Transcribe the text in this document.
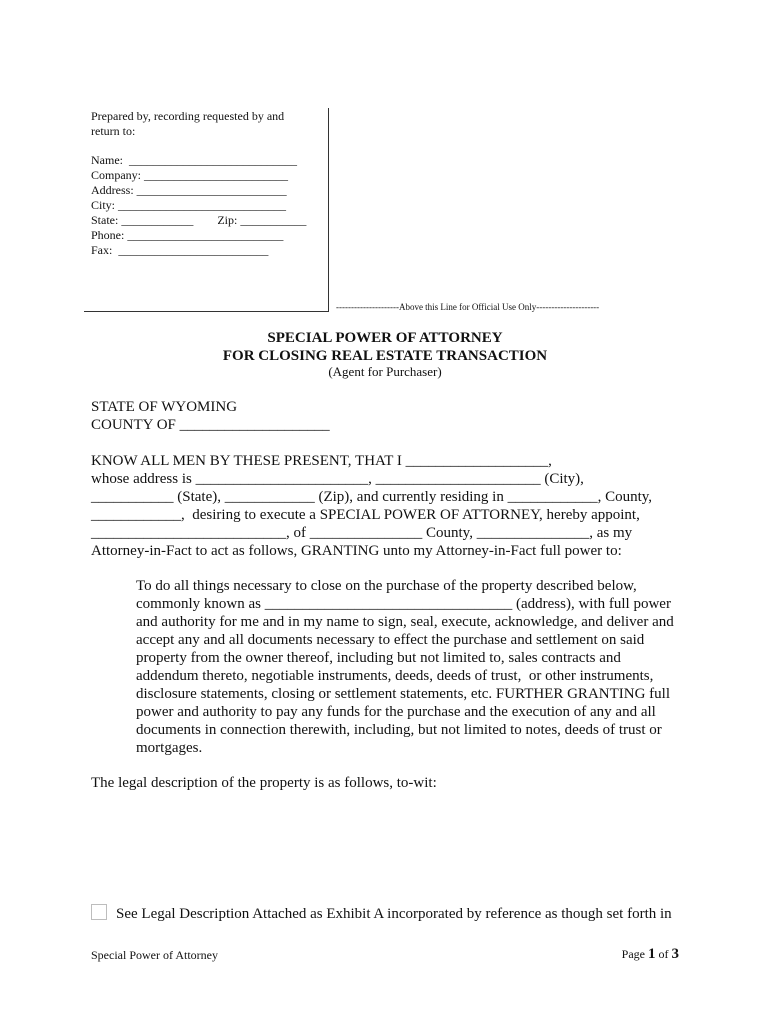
Prepared by, recording requested by and
return to:
Name:  ____________________________
Company: ________________________
Address: _________________________
City: ____________________________
State: ____________        Zip: ___________
Phone: __________________________
Fax:  _________________________
---------------------Above this Line for Official Use Only---------------------
SPECIAL POWER OF ATTORNEY
FOR CLOSING REAL ESTATE TRANSACTION
(Agent for Purchaser)
STATE OF WYOMING
COUNTY OF ____________________
KNOW ALL MEN BY THESE PRESENT, THAT I ___________________,
whose address is _______________________, ______________________ (City),
___________ (State), ____________ (Zip), and currently residing in ____________, County,
____________,  desiring to execute a SPECIAL POWER OF ATTORNEY, hereby appoint,
__________________________, of _______________ County, _______________, as my
Attorney-in-Fact to act as follows, GRANTING unto my Attorney-in-Fact full power to:
To do all things necessary to close on the purchase of the property described below,
commonly known as _________________________________ (address), with full power
and authority for me and in my name to sign, seal, execute, acknowledge, and deliver and
accept any and all documents necessary to effect the purchase and settlement on said
property from the owner thereof, including but not limited to, sales contracts and
addendum thereto, negotiable instruments, deeds, deeds of trust,  or other instruments,
disclosure statements, closing or settlement statements, etc. FURTHER GRANTING full
power and authority to pay any funds for the purchase and the execution of any and all
documents in connection therewith, including, but not limited to notes, deeds of trust or
mortgages.
The legal description of the property is as follows, to-wit:
See Legal Description Attached as Exhibit A incorporated by reference as though set forth in
Special Power of Attorney	Page 1 of 3
